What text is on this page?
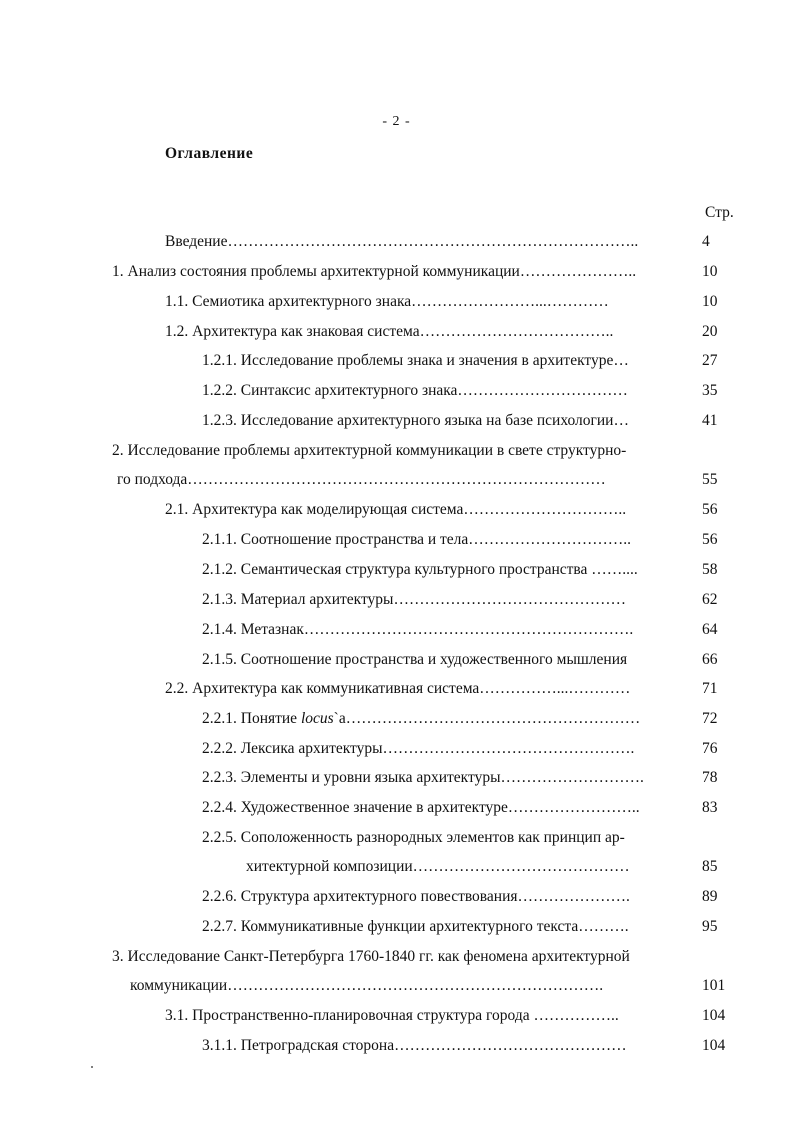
- 2 -
Оглавление
Стр.
Введение……………………………………………………………………..	4
1. Анализ состояния проблемы архитектурной коммуникации…………………..	10
1.1. Семиотика архитектурного знака……………………...…………	10
1.2. Архитектура как знаковая система………………………………..	20
1.2.1. Исследование проблемы знака и значения в архитектуре…	27
1.2.2. Синтаксис архитектурного знака……………………………	35
1.2.3. Исследование архитектурного языка на базе психологии…	41
2. Исследование проблемы архитектурной коммуникации в свете структурно-
го подхода………………………………………………………………………	55
2.1. Архитектура как моделирующая система…………………………..	56
2.1.1. Соотношение пространства и тела…………………………..	56
2.1.2. Семантическая структура культурного пространства ……....	58
2.1.3. Материал архитектуры………………………………………	62
2.1.4. Метазнак……………………………………………………….	64
2.1.5. Соотношение пространства и художественного мышления	66
2.2. Архитектура как коммуникативная система……………...…………	71
2.2.1. Понятие locus`а…………………………………………………	72
2.2.2. Лексика архитектуры………………………………………….	76
2.2.3. Элементы и уровни языка архитектуры……………………….	78
2.2.4. Художественное значение в архитектуре……………………..	83
2.2.5. Соположенность разнородных элементов как принцип ар-
хитектурной композиции……………………………………	85
2.2.6. Структура архитектурного повествования………………….	89
2.2.7. Коммуникативные функции архитектурного текста……….	95
3. Исследование Санкт-Петербурга 1760-1840 гг. как феномена архитектурной
коммуникации……………………………………………………………….	101
3.1. Пространственно-планировочная структура города ……………..	104
3.1.1. Петроградская сторона………………………………………	104
